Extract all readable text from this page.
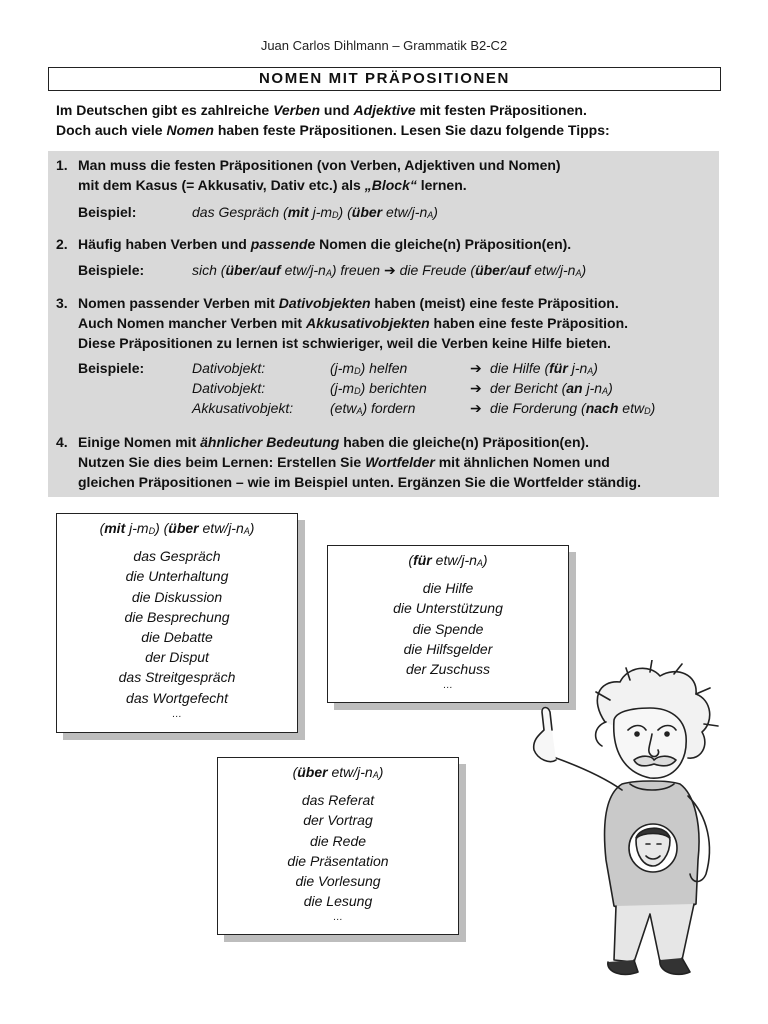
Juan Carlos Dihlmann – Grammatik B2-C2
NOMEN MIT PRÄPOSITIONEN
Im Deutschen gibt es zahlreiche Verben und Adjektive mit festen Präpositionen.
Doch auch viele Nomen haben feste Präpositionen. Lesen Sie dazu folgende Tipps:
1. Man muss die festen Präpositionen (von Verben, Adjektiven und Nomen)
mit dem Kasus (= Akkusativ, Dativ etc.) als „Block“ lernen.
Beispiel:	das Gespräch (mit j-mD) (über etw/j-nA)
2. Häufig haben Verben und passende Nomen die gleiche(n) Präposition(en).
Beispiele:	sich (über/auf etw/j-nA) freuen ➔ die Freude (über/auf etw/j-nA)
3. Nomen passender Verben mit Dativobjekten haben (meist) eine feste Präposition.
Auch Nomen mancher Verben mit Akkusativobjekten haben eine feste Präposition.
Diese Präpositionen zu lernen ist schwieriger, weil die Verben keine Hilfe bieten.
Beispiele:	Dativobjekt:	(j-mD) helfen	➔ die Hilfe (für j-nA)
Dativobjekt:	(j-mD) berichten	➔ der Bericht (an j-nA)
Akkusativobjekt:	(etwA) fordern	➔ die Forderung (nach etwD)
4. Einige Nomen mit ähnlicher Bedeutung haben die gleiche(n) Präposition(en).
Nutzen Sie dies beim Lernen: Erstellen Sie Wortfelder mit ähnlichen Nomen und
gleichen Präpositionen – wie im Beispiel unten. Ergänzen Sie die Wortfelder ständig.
(mit j-mD) (über etw/j-nA)
das Gespräch
die Unterhaltung
die Diskussion
die Besprechung
die Debatte
der Disput
das Streitgespräch
das Wortgefecht
…
(für etw/j-nA)
die Hilfe
die Unterstützung
die Spende
die Hilfsgelder
der Zuschuss
…
(über etw/j-nA)
das Referat
der Vortrag
die Rede
die Präsentation
die Vorlesung
die Lesung
…
